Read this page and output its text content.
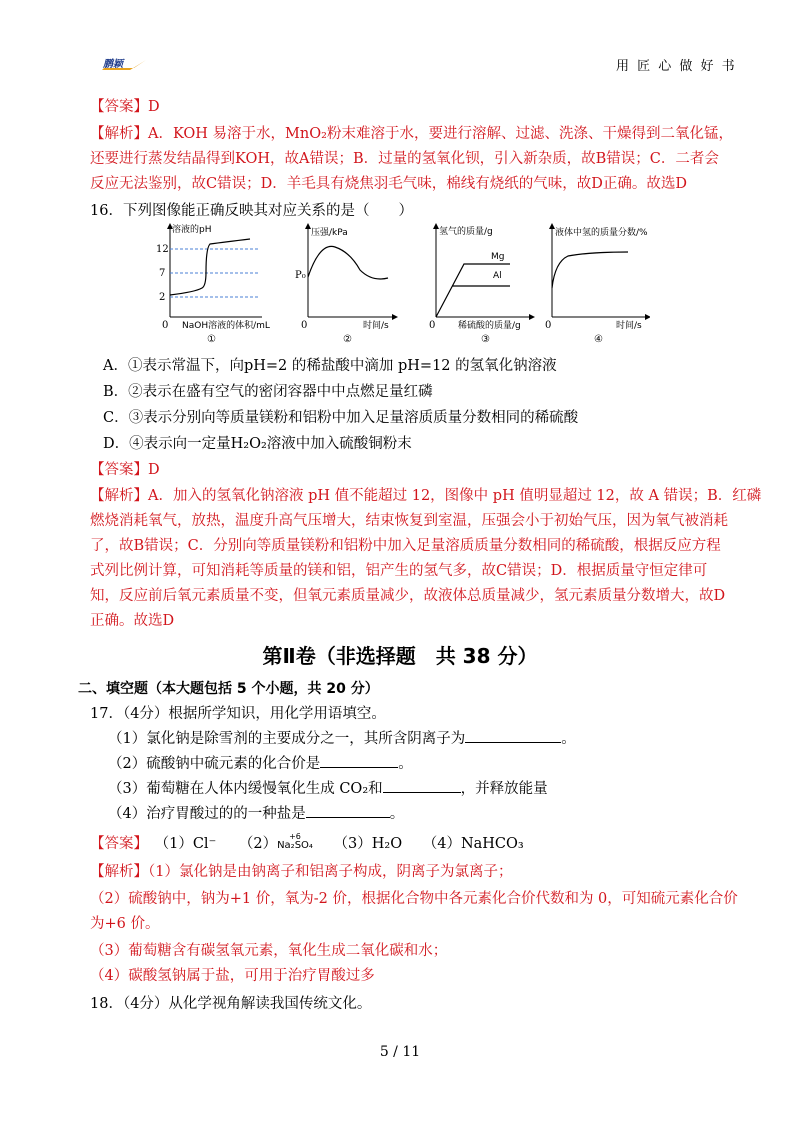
鹏颖	用 匠 心 做 好 书
【答案】D
【解析】A．KOH 易溶于水，MnO₂粉末难溶于水，要进行溶解、过滤、洗涤、干燥得到二氧化锰，
还要进行蒸发结晶得到KOH，故A错误；B．过量的氢氧化钡，引入新杂质，故B错误；C．二者会
反应无法鉴别，故C错误；D．羊毛具有烧焦羽毛气味，棉线有烧纸的气味，故D正确。故选D
16．下列图像能正确反映其对应关系的是（　　）
溶液的pH
12
7
2
0 NaOH溶液的体积/mL
①
压强/kPa
P₀
0	时间/s
②
氢气的质量/g
Mg
Al
0	稀硫酸的质量/g
③
液体中氢的质量分数/%
0	时间/s
④
A．①表示常温下，向pH=2 的稀盐酸中滴加 pH=12 的氢氧化钠溶液
B．②表示在盛有空气的密闭容器中中点燃足量红磷
C．③表示分别向等质量镁粉和铝粉中加入足量溶质质量分数相同的稀硫酸
D．④表示向一定量H₂O₂溶液中加入硫酸铜粉末
【答案】D
【解析】A．加入的氢氧化钠溶液 pH 值不能超过 12，图像中 pH 值明显超过 12，故 A 错误；B．红磷
燃烧消耗氧气，放热，温度升高气压增大，结束恢复到室温，压强会小于初始气压，因为氧气被消耗
了，故B错误；C．分别向等质量镁粉和铝粉中加入足量溶质质量分数相同的稀硫酸，根据反应方程
式列比例计算，可知消耗等质量的镁和铝，铝产生的氢气多，故C错误；D．根据质量守恒定律可
知，反应前后氧元素质量不变，但氧元素质量减少，故液体总质量减少，氢元素质量分数增大，故D
正确。故选D
第Ⅱ卷（非选择题　共 38 分）
二、填空题（本大题包括 5 个小题，共 20 分）
17．（4分）根据所学知识，用化学用语填空。
（1）氯化钠是除雪剂的主要成分之一，其所含阴离子为	。
（2）硫酸钠中硫元素的化合价是	。
（3）葡萄糖在人体内缓慢氧化生成 CO₂和	，并释放能量
（4）治疗胃酸过的的一种盐是	。
【答案】 （1）Cl⁻ （2） +6
Na₂SO₄ （3）H₂O （4）NaHCO₃
【解析】（1）氯化钠是由钠离子和铝离子构成，阴离子为氯离子；
（2）硫酸钠中，钠为+1 价，氧为-2 价，根据化合物中各元素化合价代数和为 0，可知硫元素化合价
为+6 价。
（3）葡萄糖含有碳氢氧元素，氧化生成二氧化碳和水；
（4）碳酸氢钠属于盐，可用于治疗胃酸过多
18．（4分）从化学视角解读我国传统文化。
5 / 11
